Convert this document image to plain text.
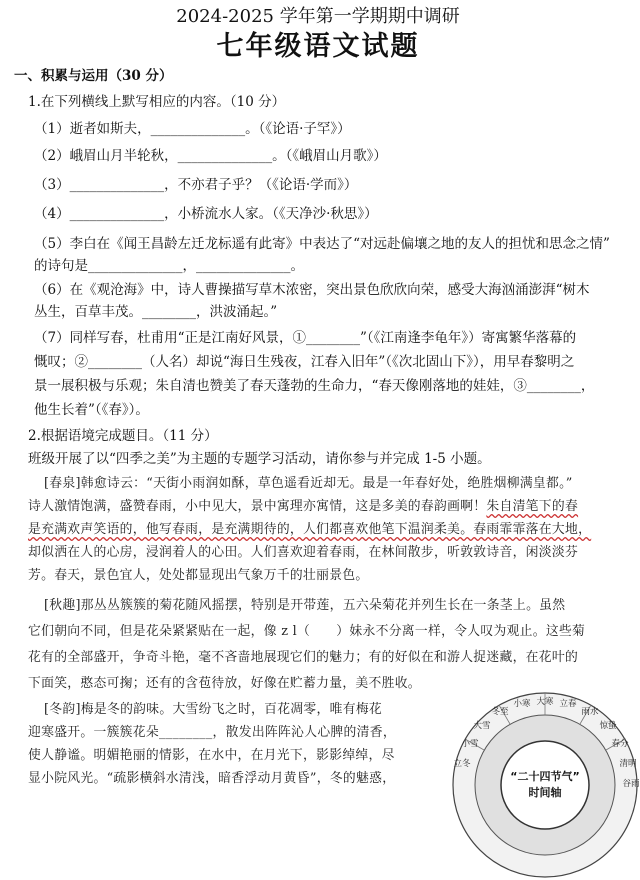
2024-2025 学年第一学期期中调研
七年级语文试题
一、积累与运用（30 分）
1.在下列横线上默写相应的内容。（10 分）
（1）逝者如斯夫，______________。（《论语·子罕》）
（2）峨眉山月半轮秋，______________。（《峨眉山月歌》）
（3）______________，不亦君子乎？（《论语·学而》）
（4）______________，小桥流水人家。（《天净沙·秋思》）
（5）李白在《闻王昌龄左迁龙标遥有此寄》中表达了“对远赴偏壤之地的友人的担忧和思念之情”
的诗句是______________，______________。
（6）在《观沧海》中，诗人曹操描写草木浓密，突出景色欣欣向荣，感受大海汹涌澎湃“树木
丛生，百草丰茂。________，洪波涌起。”
（7）同样写春，杜甫用“正是江南好风景，①________”（《江南逢李龟年》）寄寓繁华落幕的
慨叹；②________（人名）却说“海日生残夜，江春入旧年”（《次北固山下》），用早春黎明之
景一展积极与乐观；朱自清也赞美了春天蓬勃的生命力，“春天像刚落地的娃娃，③________，
他生长着”（《春》）。
2.根据语境完成题目。（11 分）
班级开展了以“四季之美”为主题的专题学习活动，请你参与并完成 1-5 小题。
[春泉]韩愈诗云：“天街小雨润如酥，草色遥看近却无。最是一年春好处，绝胜烟柳满皇都。”
诗人激情饱满，盛赞春雨，小中见大，景中寓理亦寓情，这是多美的春韵画啊！朱自清笔下的春
是充满欢声笑语的，他写春雨，是充满期待的，人们都喜欢他笔下温润柔美。春雨霏霏落在大地，
却似洒在人的心房，浸润着人的心田。人们喜欢迎着春雨，在林间散步，听敦敦诗音，闲淡淡芬
芳。春天，景色宜人，处处都显现出气象万千的壮丽景色。
[秋趣]那丛丛簇簇的菊花随风摇摆，特别是开带莲，五六朵菊花并列生长在一条茎上。虽然
它们朝向不同，但是花朵紧紧贴在一起，像 z l（　　）妹永不分离一样，令人叹为观止。这些菊
花有的全部盛开，争奇斗艳，毫不吝啬地展现它们的魅力；有的好似在和游人捉迷藏，在花叶的
下面笑，憨态可掬；还有的含苞待放，好像在贮蓄力量，美不胜收。
[冬韵]梅是冬的韵味。大雪纷飞之时，百花凋零，唯有梅花
迎寒盛开。一簇簇花朵________，散发出阵阵沁人心脾的清香，
使人静谧。明媚艳丽的情影，在水中，在月光下，影影绰绰，尽
显小院风光。“疏影横斜水清浅，暗香浮动月黄昏”，冬的魅惑，
小寒 大寒 立春
雨水
惊蛰
春分
清明
谷雨
冬至
大雪
小雪
立冬
“二十四节气”
时间轴
